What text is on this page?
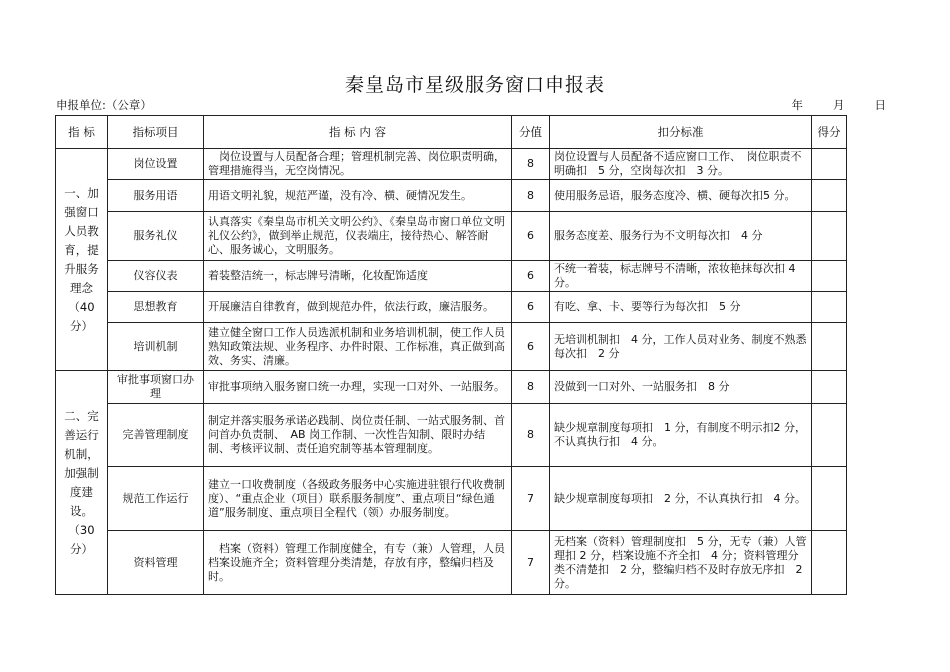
秦皇岛市星级服务窗口申报表
申报单位:（公章）	年	月	日
指 标	指标项目	指 标 内 容	分值	扣分标准	得分
一、加强窗口人员教育，提升服务理念（40分）	岗位设置	　岗位设置与人员配备合理；管理机制完善、岗位职责明确，管理措施得当，无空岗情况。	8	岗位设置与人员配备不适应窗口工作、　岗位职责不明确扣　5 分，空岗每次扣　3 分。	
	服务用语	用语文明礼貌，规范严谨，没有冷、横、硬情况发生。	8	使用服务忌语，服务态度冷、横、硬每次扣5 分。	
	服务礼仪	认真落实《秦皇岛市机关文明公约》、《秦皇岛市窗口单位文明礼仪公约》，做到举止规范，仪表端庄，接待热心、解答耐心、服务诚心，文明服务。	6	服务态度差、服务行为不文明每次扣　4 分	
	仪容仪表	着装整洁统一，标志牌号清晰，化妆配饰适度	6	不统一着装，标志牌号不清晰，浓妆艳抹每次扣 4 分。	
	思想教育	开展廉洁自律教育，做到规范办件，依法行政，廉洁服务。	6	有吃、拿、卡、要等行为每次扣　5 分	
	培训机制	建立健全窗口工作人员选派机制和业务培训机制，使工作人员熟知政策法规、业务程序、办件时限、工作标准，真正做到高效、务实、清廉。	6	无培训机制扣　4 分，工作人员对业务、制度不熟悉每次扣　2 分	
二、完善运行机制，加强制度建设。（30分）	审批事项窗口办理	审批事项纳入服务窗口统一办理，实现一口对外、一站服务。	8	没做到一口对外、一站服务扣　8 分	
	完善管理制度	制定并落实服务承诺必践制、岗位责任制、一站式服务制、首问首办负责制、　AB 岗工作制、一次性告知制、限时办结制、考核评议制、责任追究制等基本管理制度。	8	缺少规章制度每项扣　1 分，有制度不明示扣2 分，不认真执行扣　4 分。	
	规范工作运行	建立一口收费制度（各级政务服务中心实施进驻银行代收费制度）、“重点企业（项目）联系服务制度”、重点项目“绿色通道”服务制度、重点项目全程代（领）办服务制度。	7	缺少规章制度每项扣　2 分，不认真执行扣　4 分。	
	资料管理	　档案（资料）管理工作制度健全，有专（兼）人管理，人员档案设施齐全；资料管理分类清楚，存放有序，整编归档及时。	7	无档案（资料）管理制度扣　5 分，无专（兼）人管理扣 2 分，档案设施不齐全扣　4 分；资料管理分类不清楚扣　2 分，整编归档不及时存放无序扣　2 分。	
